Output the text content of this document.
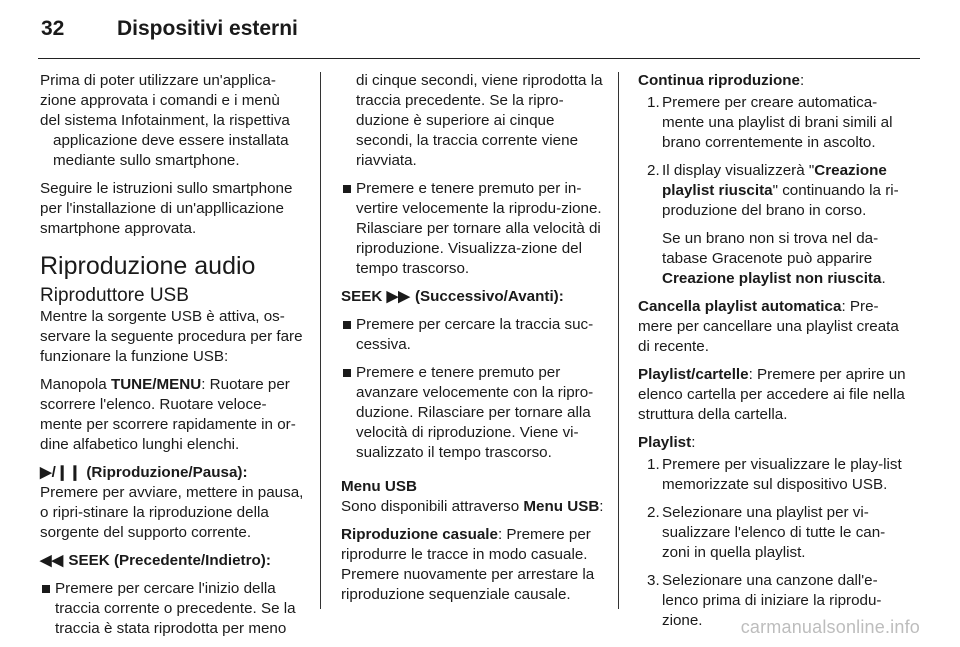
32	Dispositivi esterni

Prima di poter utilizzare un'applica-
zione approvata i comandi e i menù
del sistema Infotainment, la rispettiva
applicazione deve essere installata
mediante sullo smartphone.

Seguire le istruzioni sullo smartphone per l'installazione di un'appllicazione smartphone approvata.

Riproduzione audio
Riproduttore USB

Mentre la sorgente USB è attiva, os-servare la seguente procedura per fare funzionare la funzione USB:

Manopola TUNE/MENU: Ruotare per scorrere l'elenco. Ruotare veloce-mente per scorrere rapidamente in or-dine alfabetico lunghi elenchi.

▶/❙❙ (Riproduzione/Pausa): Premere per avviare, mettere in pausa, o ripri-stinare la riproduzione della sorgente del supporto corrente.

◀◀ SEEK (Precedente/Indietro):

Premere per cercare l'inizio della traccia corrente o precedente. Se la traccia è stata riprodotta per meno

di cinque secondi, viene riprodotta la traccia precedente. Se la ripro-duzione è superiore ai cinque secondi, la traccia corrente viene riavviata.

Premere e tenere premuto per in-vertire velocemente la riprodu-zione. Rilasciare per tornare alla velocità di riproduzione. Visualizza-zione del tempo trascorso.

SEEK ▶▶ (Successivo/Avanti):

Premere per cercare la traccia suc-cessiva.
Premere e tenere premuto per avanzare velocemente con la ripro-duzione. Rilasciare per tornare alla velocità di riproduzione. Viene vi-sualizzato il tempo trascorso.
Menu USB

Sono disponibili attraverso Menu USB:

Riproduzione casuale: Premere per riprodurre le tracce in modo casuale. Premere nuovamente per arrestare la riproduzione sequenziale causale.

Continua riproduzione:

1. Premere per creare automatica-mente una playlist di brani simili al brano correntemente in ascolto.
2. Il display visualizzerà "Creazione playlist riuscita" continuando la ri-produzione del brano in corso.

Se un brano non si trova nel da-tabase Gracenote può apparire Creazione playlist non riuscita.

Cancella playlist automatica: Pre-mere per cancellare una playlist creata di recente.

Playlist/cartelle: Premere per aprire un elenco cartella per accedere ai file nella struttura della cartella.

Playlist:

1. Premere per visualizzare le play-list memorizzate sul dispositivo USB.
2. Selezionare una playlist per vi-sualizzare l'elenco di tutte le can-zoni in quella playlist.
3. Selezionare una canzone dall'e-lenco prima di iniziare la riprodu-zione.	carmanualsonline.info
